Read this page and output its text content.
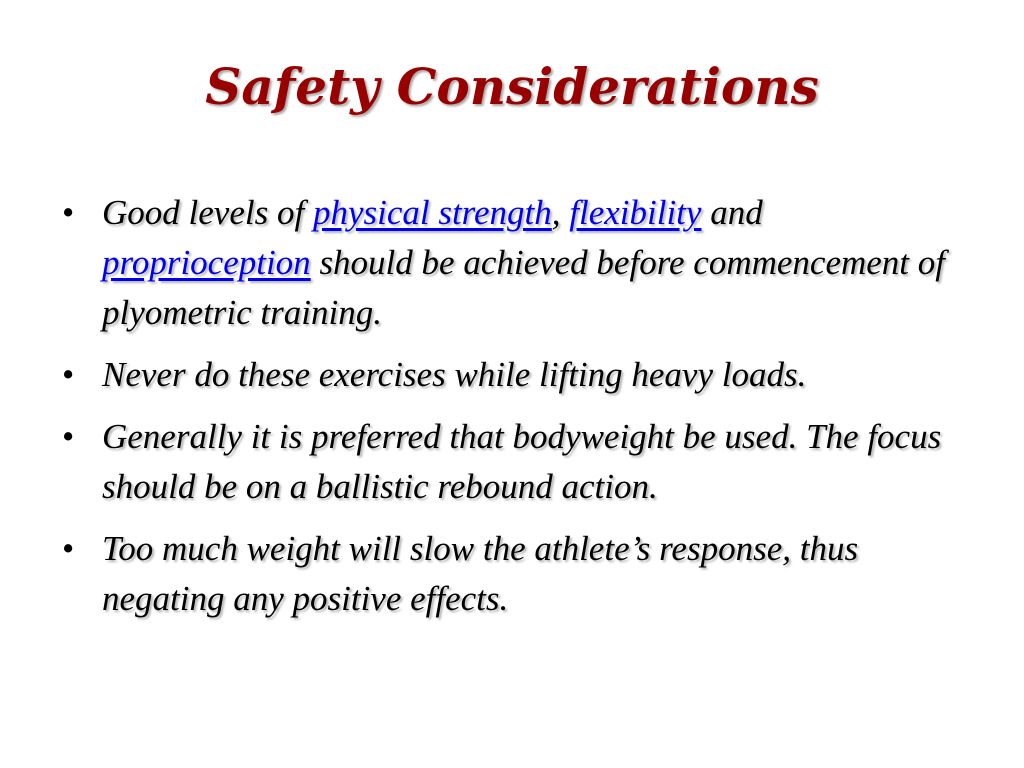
Safety Considerations
• Good levels of physical strength, flexibility and proprioception should be achieved before commencement of plyometric training.
• Never do these exercises while lifting heavy loads.
• Generally it is preferred that bodyweight be used. The focus should be on a ballistic rebound action.
• Too much weight will slow the athlete’s response, thus negating any positive effects.
